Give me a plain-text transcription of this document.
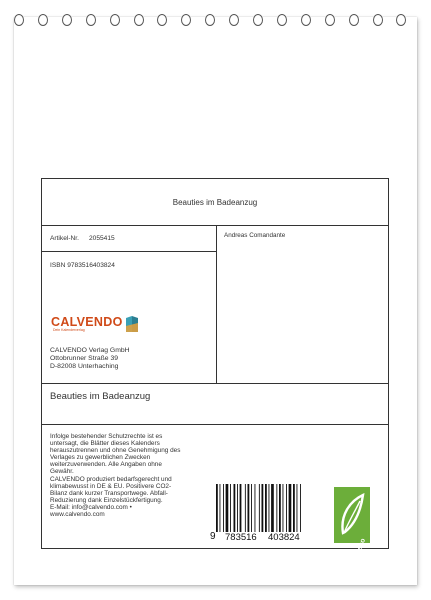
Beauties im Badeanzug
Artikel-Nr. 2055415	Andreas Comandante
ISBN 9783516403824
CALVENDO
Dein Kalenderverlag
CALVENDO Verlag GmbH
Ottobrunner Straße 39
D-82008 Unterhaching
Beauties im Badeanzug
Infolge bestehender Schutzrechte ist es
untersagt, die Blätter dieses Kalenders
herauszutrennen und ohne Genehmigung des
Verlages zu gewerblichen Zwecken
weiterzuverwenden. Alle Angaben ohne
Gewähr.
CALVENDO produziert bedarfsgerecht und
klimabewusst in DE & EU. Positivere CO2-
Bilanz dank kurzer Transportwege. Abfall-
Reduzierung dank Einzelstückfertigung.
E-Mail: info@calvendo.com •
www.calvendo.com
9 783516 403824
eco
